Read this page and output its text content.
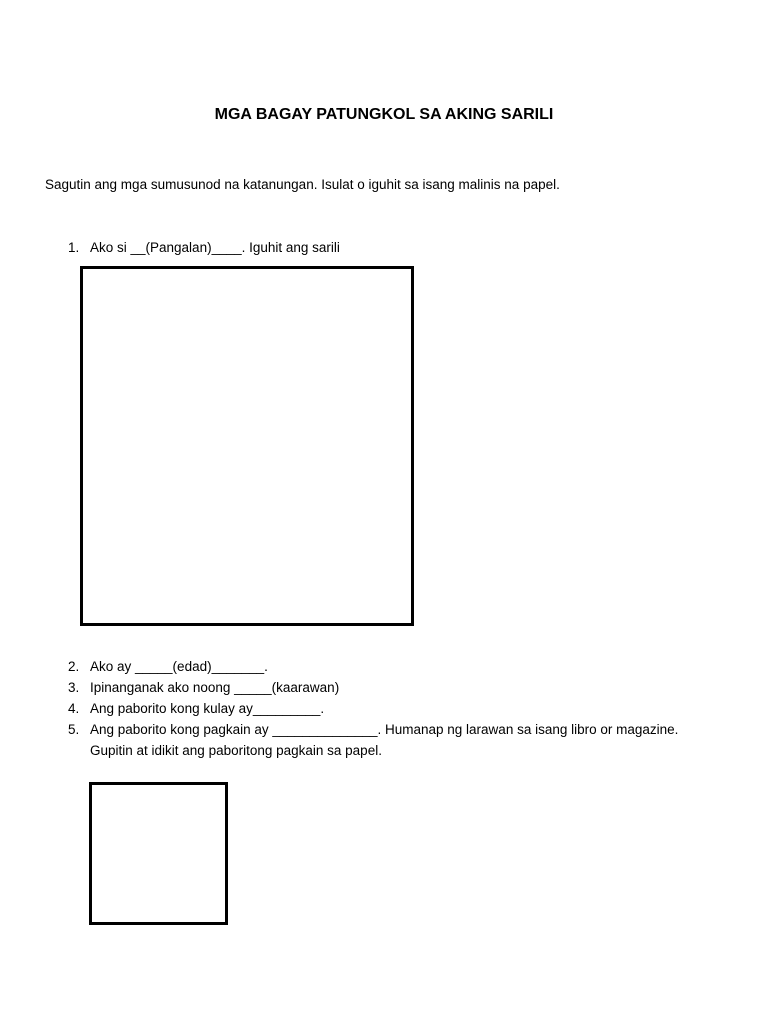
MGA BAGAY PATUNGKOL SA AKING SARILI

Sagutin ang mga sumusunod na katanungan. Isulat o iguhit sa isang malinis na papel.

1. Ako si __(Pangalan)____. Iguhit ang sarili
2. Ako ay _____(edad)_______.
3. Ipinanganak ako noong _____(kaarawan)
4. Ang paborito kong kulay ay_________.
5. Ang paborito kong pagkain ay ______________. Humanap ng larawan sa isang libro or magazine.
Gupitin at idikit ang paboritong pagkain sa papel.
